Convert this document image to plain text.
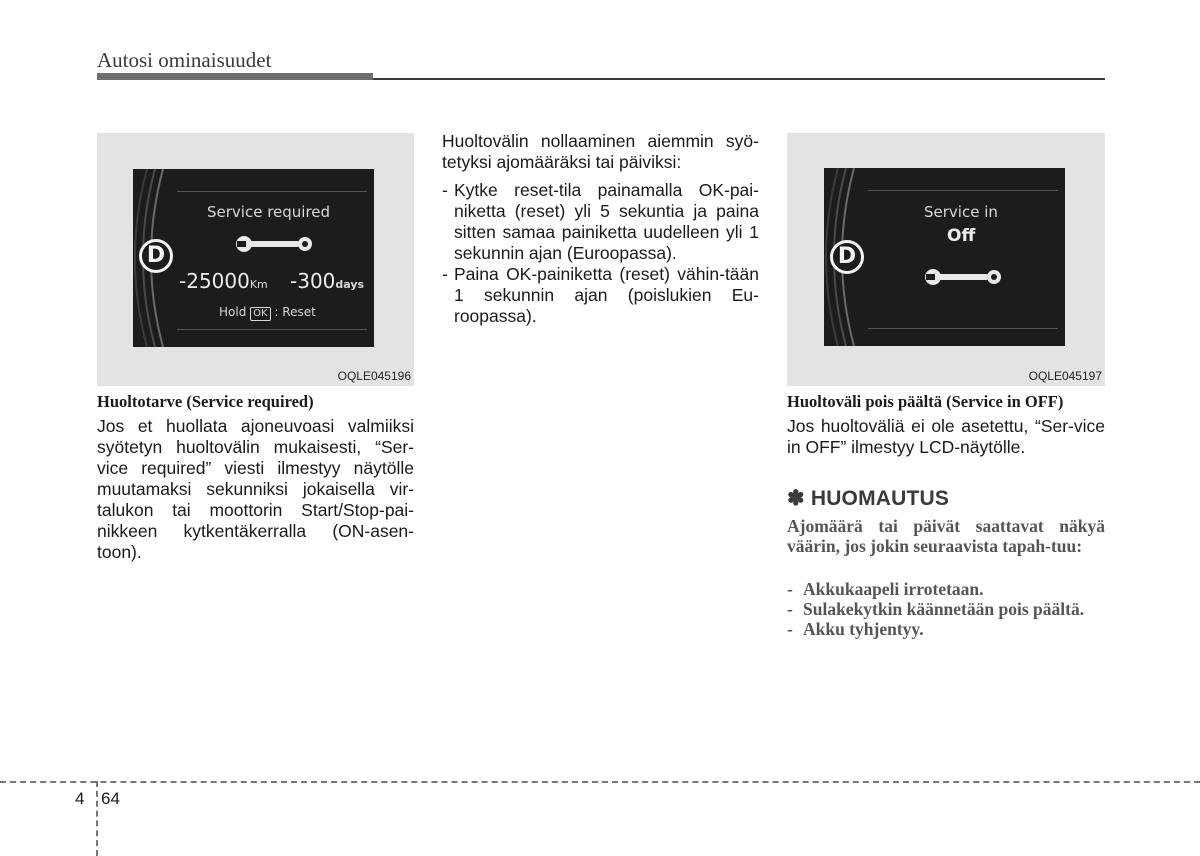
Autosi ominaisuudet
D
Service required
-25000Km -300days
Hold OK : Reset
OQLE045196
Huoltotarve (Service required)
Jos et huollata ajoneuvoasi valmiiksi syötetyn huoltovälin mukaisesti, “Ser-vice required” viesti ilmestyy näytölle muutamaksi sekunniksi jokaisella vir-talukon tai moottorin Start/Stop-pai-nikkeen kytkentäkerralla (ON-asen-toon).
Huoltovälin nollaaminen aiemmin syö-tetyksi ajomääräksi tai päiviksi:
- Kytke reset-tila painamalla OK-pai-niketta (reset) yli 5 sekuntia ja paina sitten samaa painiketta uudelleen yli 1 sekunnin ajan (Euroopassa).
- Paina OK-painiketta (reset) vähin-tään 1 sekunnin ajan (poislukien Eu-roopassa).
D
Service in
Off
OQLE045197
Huoltoväli pois päältä (Service in OFF)
Jos huoltoväliä ei ole asetettu, “Ser-vice in OFF” ilmestyy LCD-näytölle.
✽ HUOMAUTUS
Ajomäärä tai päivät saattavat näkyä väärin, jos jokin seuraavista tapah-tuu:
- Akkukaapeli irrotetaan.
- Sulakekytkin käännetään pois päältä.
- Akku tyhjentyy.
4 64
